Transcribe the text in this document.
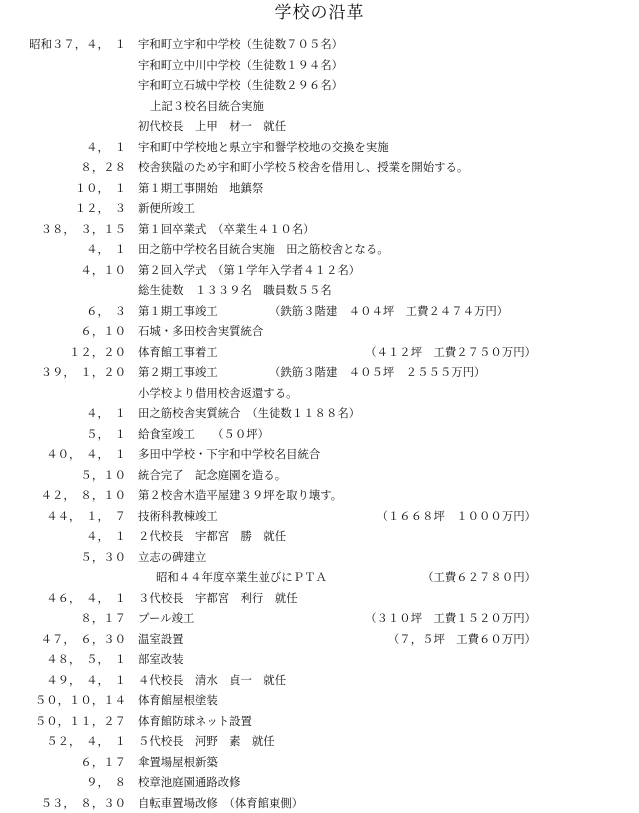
学校の沿革
昭和３７，４，　１ 宇和町立宇和中学校（生徒数７０５名）
宇和町立中川中学校（生徒数１９４名）
宇和町立石城中学校（生徒数２９６名）
上記３校名目統合実施
初代校長　上甲　材一　就任
４，　１ 宇和町中学校地と県立宇和譽学校地の交換を実施
８，２８ 校舎狭隘のため宇和町小学校５校舎を借用し、授業を開始する。
１０，　１ 第１期工事開始　地鎮祭
１２，　３ 新便所竣工
３８，　３，１５ 第１回卒業式　（卒業生４１０名）
４，　１ 田之筋中学校名目統合実施　田之筋校舎となる。
４，１０ 第２回入学式　（第１学年入学者４１２名）
総生徒数　１３３９名　職員数５５名
６，　３ 第１期工事竣工　　　　　（鉄筋３階建　４０４坪　工費２４７４万円）
６，１０ 石城・多田校舎実質統合
１２，２０ 体育館工事着工	（４１２坪　工費２７５０万円）
３９，　１，２０ 第２期工事竣工　　　　　（鉄筋３階建　４０５坪　２５５５万円）
小学校より借用校舎返還する。
４，　１ 田之筋校舎実質統合　（生徒数１１８８名）
５，　１ 給食室竣工　　（５０坪）
４０，　４，　１ 多田中学校・下宇和中学校名目統合
５，１０ 統合完了　記念庭園を造る。
４２，　８，１０ 第２校舎木造平屋建３９坪を取り壊す。
４４，　１，　７ 技術科教棟竣工	（１６６８坪　１０００万円）
４，　１ ２代校長　宇都宮　勝　就任
５，３０ 立志の碑建立
昭和４４年度卒業生並びにＰＴＡ	（工費６２７８０円）
４６，　４，　１ ３代校長　宇都宮　利行　就任
８，１７ プール竣工	（３１０坪　工費１５２０万円）
４７，　６，３０ 温室設置	（７，５坪　工費６０万円）
４８，　５，　１ 部室改装
４９，　４，　１ ４代校長　清水　貞一　就任
５０，１０，１４ 体育館屋根塗装
５０，１１，２７ 体育館防球ネット設置
５２，　４，　１ ５代校長　河野　素　就任
６，１７ 傘置場屋根新築
９，　８ 校章池庭園通路改修
５３，　８，３０ 自転車置場改修　（体育館東側）
